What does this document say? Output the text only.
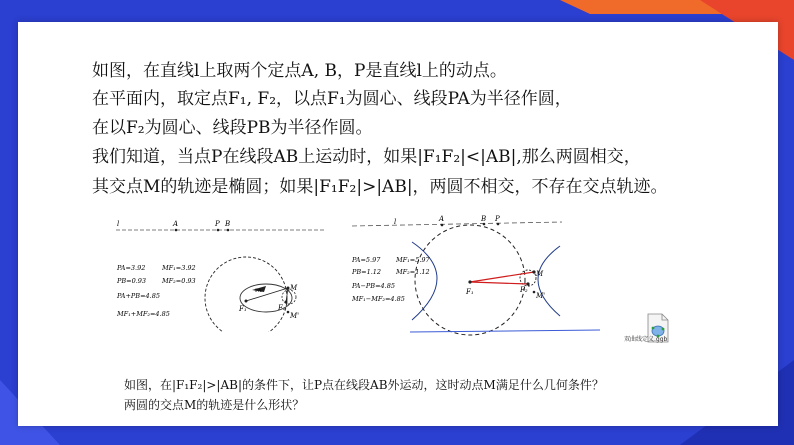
如图，在直线l上取两个定点A, B，P是直线l上的动点。
在平面内，取定点F₁, F₂，以点F₁为圆心、线段PA为半径作圆，
在以F₂为圆心、线段PB为半径作圆。
我们知道，当点P在线段AB上运动时，如果|F₁F₂|<|AB|,那么两圆相交，
其交点M的轨迹是椭圆；如果|F₁F₂|>|AB|，两圆不相交，不存在交点轨迹。
l	A	P B
F₁	F₂
M
M'
PA
PA=3.92	MF₁=3.92
PB=0.93 MF₂=0.93
PA+PB=4.85
MF₁+MF₂=4.85
l	A	B P
F₁	F₂
M
M'
PA=5.97 MF₁=5.97
PB=1.12 MF₂=1.12
PA−PB=4.85
MF₁−MF₂=4.85
双曲线定义.ggb
如图，在|F₁F₂|>|AB|的条件下，让P点在线段AB外运动，这时动点M满足什么几何条件？
两圆的交点M的轨迹是什么形状？
